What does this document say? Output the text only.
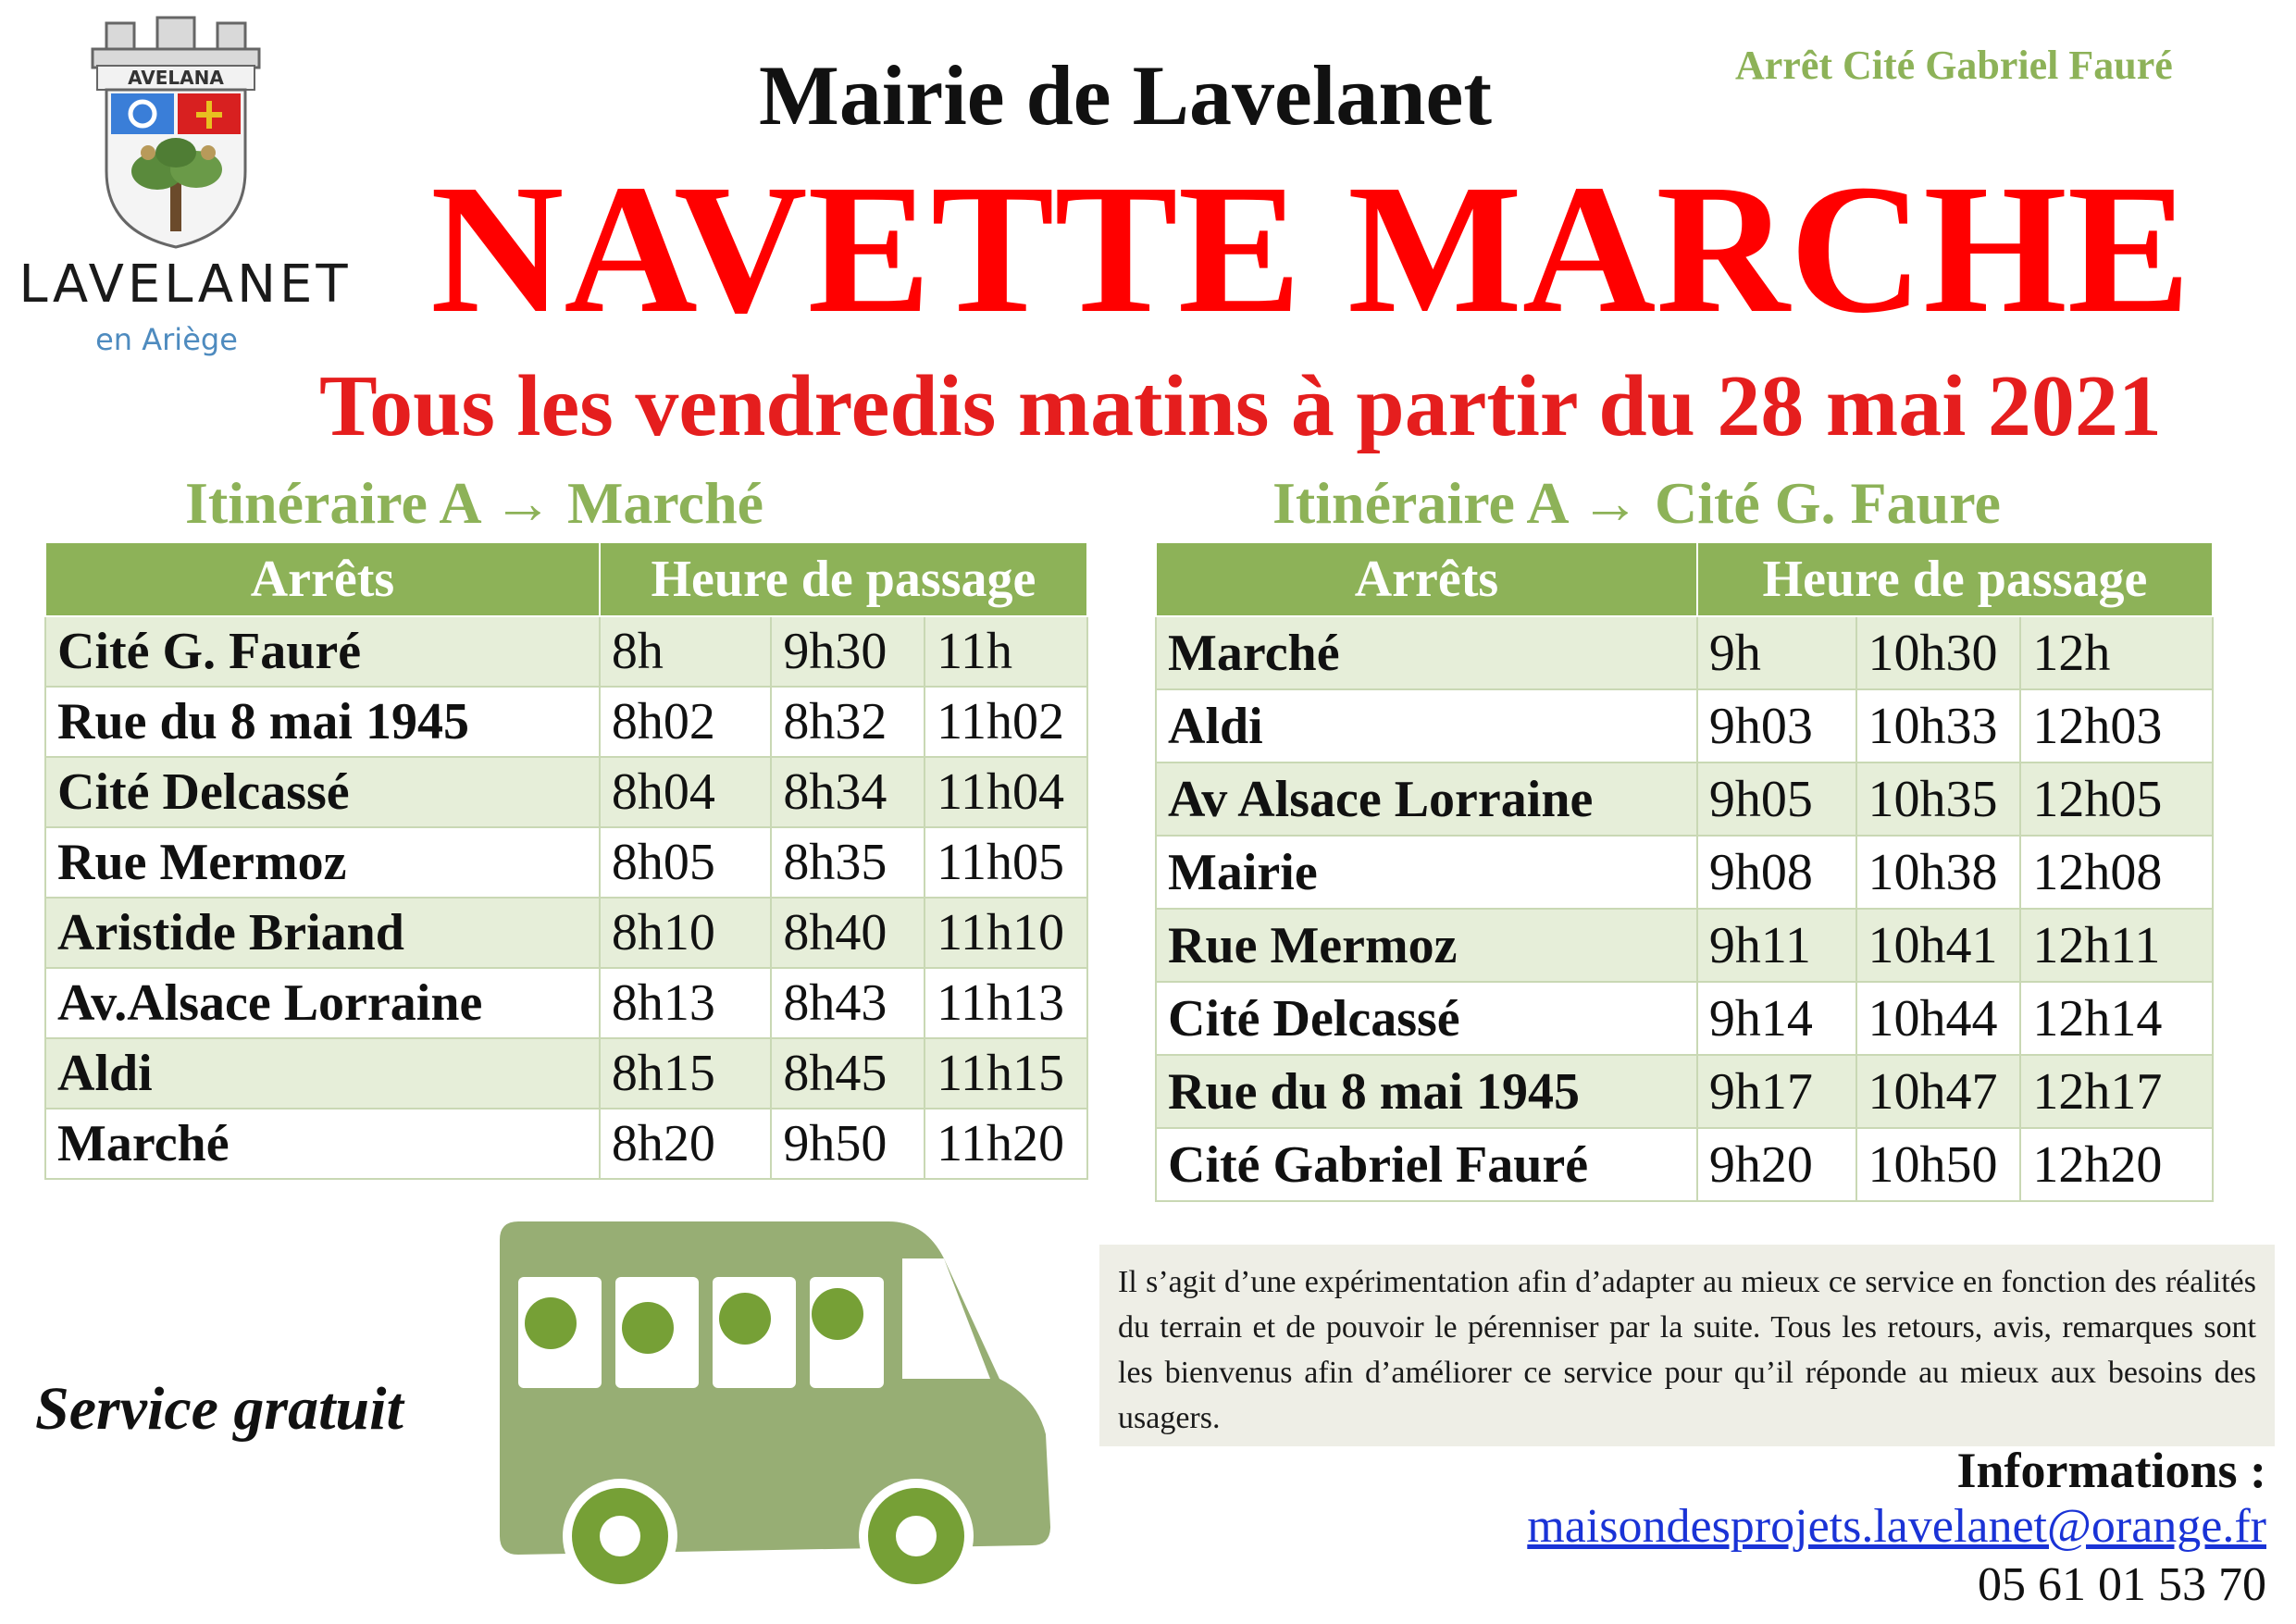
AVELANA
LAVELANET
en Ariège
Mairie de Lavelanet	Arrêt Cité Gabriel Fauré
NAVETTE MARCHE
Tous les vendredis matins à partir du 28 mai 2021
Itinéraire A → Marché	Itinéraire A → Cité G. Faure
Arrêts	Heure de passage		
Cité G. Fauré	8h	9h30	11h
Rue du 8 mai 1945	8h02	8h32	11h02
Cité Delcassé	8h04	8h34	11h04
Rue Mermoz	8h05	8h35	11h05
Aristide Briand	8h10	8h40	11h10
Av.Alsace Lorraine	8h13	8h43	11h13
Aldi	8h15	8h45	11h15
Marché	8h20	9h50	11h20
Arrêts	Heure de passage		
Marché	9h	10h30	12h
Aldi	9h03	10h33	12h03
Av Alsace Lorraine	9h05	10h35	12h05
Mairie	9h08	10h38	12h08
Rue Mermoz	9h11	10h41	12h11
Cité Delcassé	9h14	10h44	12h14
Rue du 8 mai 1945	9h17	10h47	12h17
Cité Gabriel Fauré	9h20	10h50	12h20
Service gratuit
Il s’agit d’une expérimentation afin d’adapter au mieux ce service en fonction des réalités du terrain et de pouvoir le pérenniser par la suite. Tous les retours, avis, remarques sont les bienvenus afin d’améliorer ce service pour qu’il réponde au mieux aux besoins des usagers.
Informations :
maisondesprojets.lavelanet@orange.fr
05 61 01 53 70
